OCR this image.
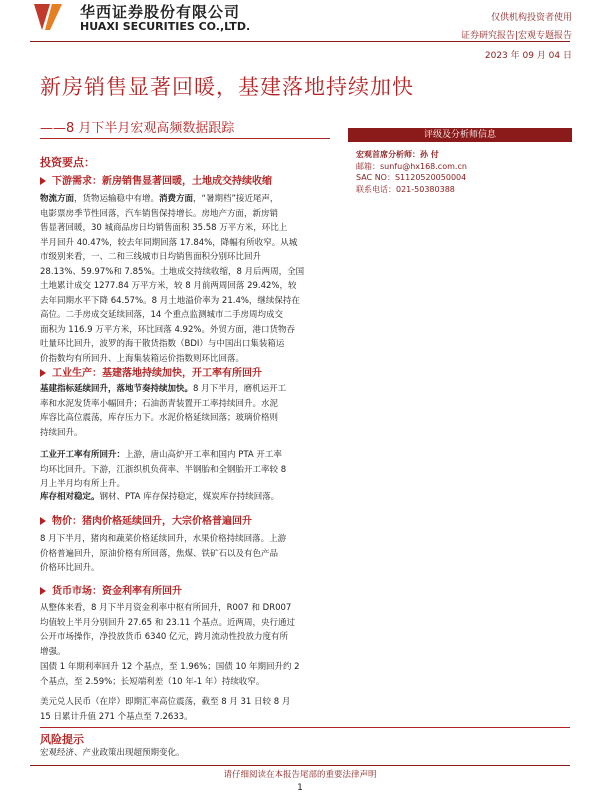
华西证券股份有限公司
HUAXI SECURITIES CO.,LTD.
仅供机构投资者使用
证券研究报告|宏观专题报告
2023 年 09 月 04 日
新房销售显著回暖，基建落地持续加快
——8 月下半月宏观高频数据跟踪	评级及分析师信息
宏观首席分析师：孙 付
邮箱：sunfu@hx168.com.cn
SAC NO：S1120520050004
联系电话：021-50380388
投资要点：
下游需求：新房销售显著回暖，土地成交持续收缩
物流方面，货物运输稳中有增。消费方面，“暑期档”接近尾声，
电影票房季节性回落，汽车销售保持增长。房地产方面，新房销
售显著回暖，30 城商品房日均销售面积 35.58 万平方米，环比上
半月回升 40.47%，较去年同期回落 17.84%，降幅有所收窄。从城
市级别来看，一、二和三线城市日均销售面积分别环比回升
28.13%、59.97%和 7.85%。土地成交持续收缩，8 月后两周，全国
土地累计成交 1277.84 万平方米，较 8 月前两周回落 29.42%，较
去年同期水平下降 64.57%。8 月土地溢价率为 21.4%，继续保持在
高位。二手房成交延续回落，14 个重点监测城市二手房周均成交
面积为 116.9 万平方米，环比回落 4.92%。外贸方面，港口货物吞
吐量环比回升，波罗的海干散货指数（BDI）与中国出口集装箱运
价指数均有所回升、上海集装箱运价指数则环比回落。
工业生产：基建落地持续加快，开工率有所回升
基建指标延续回升，落地节奏持续加快。8 月下半月，磨机运开工
率和水泥发货率小幅回升；石油沥青装置开工率持续回升。水泥
库容比高位震荡，库存压力下。水泥价格延续回落；玻璃价格则
持续回升。
工业开工率有所回升：上游，唐山高炉开工率和国内 PTA 开工率
均环比回升。下游，江浙织机负荷率、半钢胎和全钢胎开工率较 8
月上半月均有所上升。
库存相对稳定。钢材、PTA 库存保持稳定，煤炭库存持续回落。
物价：猪肉价格延续回升，大宗价格普遍回升
8 月下半月，猪肉和蔬菜价格延续回升，水果价格持续回落。上游
价格普遍回升，原油价格有所回落，焦煤、铁矿石以及有色产品
价格环比回升。
货币市场：资金利率有所回升
从整体来看，8 月下半月资金利率中枢有所回升，R007 和 DR007
均值较上半月分别回升 27.65 和 23.11 个基点。近两周，央行通过
公开市场操作，净投放货币 6340 亿元，跨月流动性投放力度有所
增强。
国债 1 年期利率回升 12 个基点，至 1.96%；国债 10 年期回升约 2
个基点，至 2.59%；长短端利差（10 年-1 年）持续收窄。
美元兑人民币（在岸）即期汇率高位震荡，截至 8 月 31 日较 8 月
15 日累计升值 271 个基点至 7.2633。
风险提示
宏观经济、产业政策出现超预期变化。
请仔细阅读在本报告尾部的重要法律声明
1
